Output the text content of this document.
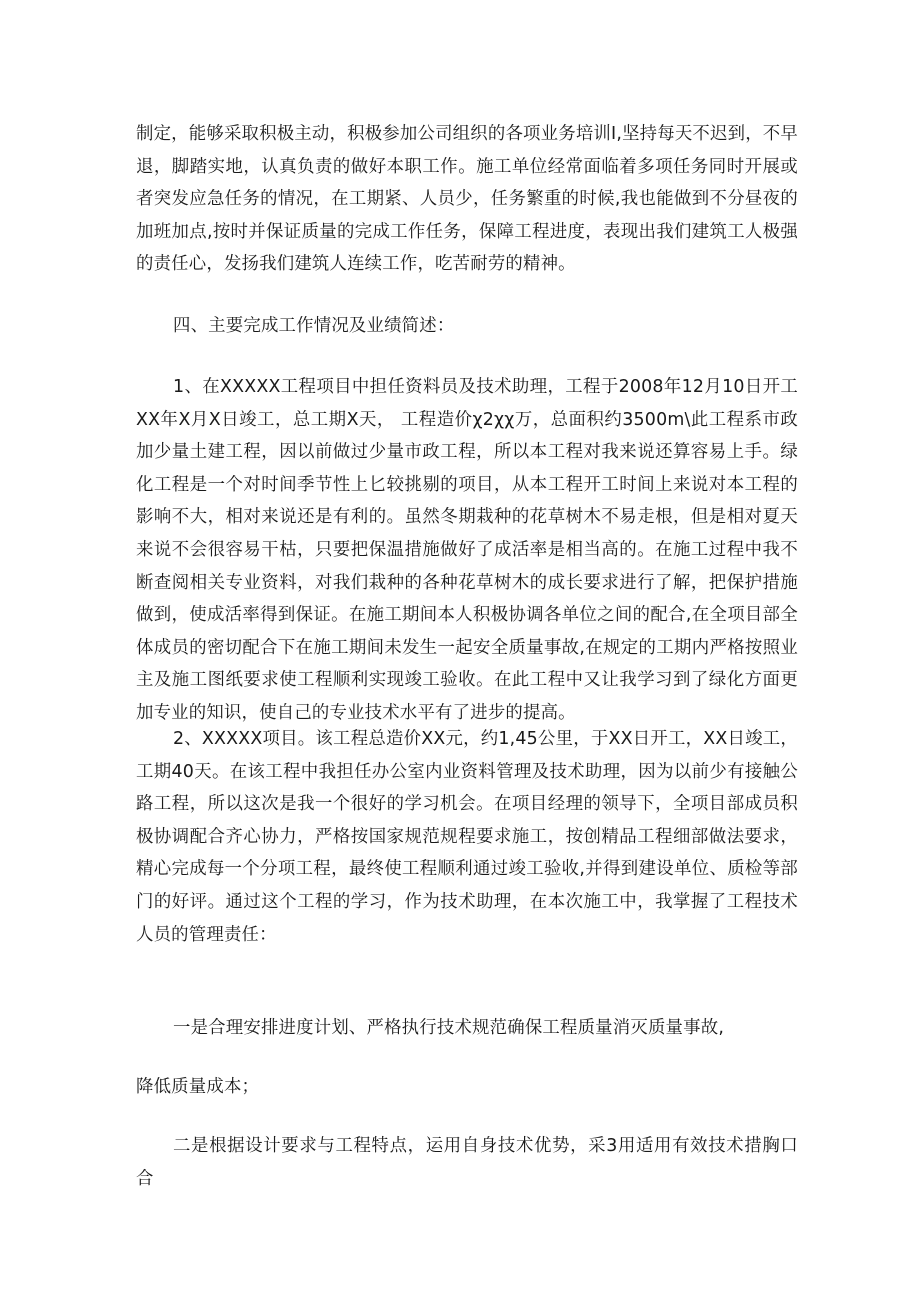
制定，能够采取积极主动，积极参加公司组织的各项业务培训I,坚持每天不迟到，不早退，脚踏实地，认真负责的做好本职工作。施工单位经常面临着多项任务同时开展或者突发应急任务的情况，在工期紧、人员少，任务繁重的时候,我也能做到不分昼夜的加班加点,按时并保证质量的完成工作任务，保障工程进度，表现出我们建筑工人极强的责任心，发扬我们建筑人连续工作，吃苦耐劳的精神。

四、主要完成工作情况及业绩简述：

1、在XXXXX工程项目中担任资料员及技术助理，工程于2008年12月10日开工XX年X月X日竣工，总工期X天， 工程造价χ2χχ万，总面积约3500m\此工程系市政加少量土建工程，因以前做过少量市政工程，所以本工程对我来说还算容易上手。绿化工程是一个对时间季节性上匕较挑剔的项目，从本工程开工时间上来说对本工程的影响不大，相对来说还是有利的。虽然冬期栽种的花草树木不易走根，但是相对夏天来说不会很容易干枯，只要把保温措施做好了成活率是相当高的。在施工过程中我不断查阅相关专业资料，对我们栽种的各种花草树木的成长要求进行了解，把保护措施做到，使成活率得到保证。在施工期间本人积极协调各单位之间的配合,在全项目部全体成员的密切配合下在施工期间未发生一起安全质量事故,在规定的工期内严格按照业主及施工图纸要求使工程顺利实现竣工验收。在此工程中又让我学习到了绿化方面更加专业的知识，使自己的专业技术水平有了进步的提高。

2、XXXXX项目。该工程总造价XX元，约1,45公里，于XX日开工，XX日竣工，工期40天。在该工程中我担任办公室内业资料管理及技术助理，因为以前少有接触公路工程，所以这次是我一个很好的学习机会。在项目经理的领导下，全项目部成员积极协调配合齐心协力，严格按国家规范规程要求施工，按创精品工程细部做法要求，精心完成每一个分项工程，最终使工程顺利通过竣工验收,并得到建设单位、质检等部门的好评。通过这个工程的学习，作为技术助理，在本次施工中，我掌握了工程技术人员的管理责任：

一是合理安排进度计划、严格执行技术规范确保工程质量消灭质量事故,

降低质量成本；

二是根据设计要求与工程特点，运用自身技术优势，采3用适用有效技术措胸口合
